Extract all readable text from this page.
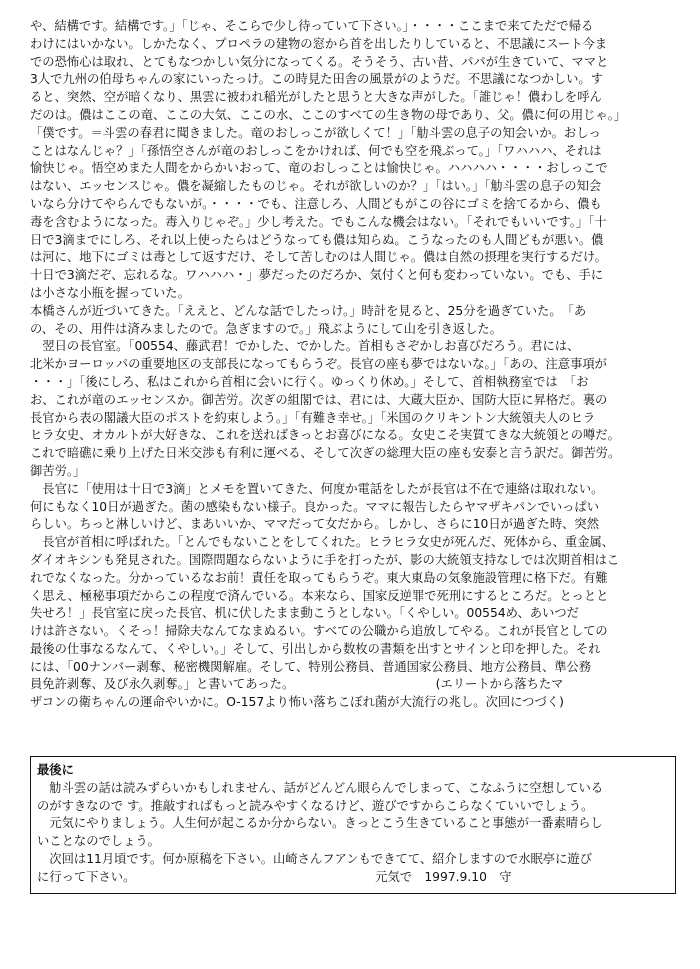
や、結構です。結構です。」「じゃ、そこらで少し待っていて下さい。」・・・・ここまで来てただで帰る
わけにはいかない。しかたなく、プロペラの建物の窓から首を出したりしていると、不思議にスート今ま
での恐怖心は取れ、とてもなつかしい気分になってくる。そうそう、古い昔、パパが生きていて、ママと
3人で九州の伯母ちゃんの家にいったっけ。この時見た田舎の風景がのようだ。不思議になつかしい。す
ると、突然、空が暗くなり、黒雲に被われ稲光がしたと思うと大きな声がした。「誰じゃ！儂わしを呼ん
だのは。儂はここの竜、ここの大気、ここの水、ここのすべての生き物の母であり、父。儂に何の用じゃ。」
「僕です。＝斗雲の春君に聞きました。竜のおしっこが欲しくて！」「觔斗雲の息子の知会いか。おしっ
ことはなんじゃ？」「孫悟空さんが竜のおしっこをかければ、何でも空を飛ぶって。」「ワハハハ、それは
愉快じゃ。悟空めまた人間をからかいおって、竜のおしっことは愉快じゃ。ハハハハ・・・・おしっこで
はない、エッセンスじゃ。儂を凝縮したものじゃ。それが欲しいのか？」「はい。」「觔斗雲の息子の知会
いなら分けてやらんでもないが。・・・・でも、注意しろ、人間どもがこの谷にゴミを捨てるから、儂も
毒を含むようになった。毒入りじゃぞ。」少し考えた。でもこんな機会はない。「それでもいいです。」「十
日で3滴までにしろ、それ以上使ったらはどうなっても儂は知らぬ。こうなったのも人間どもが悪い。儂
は河に、地下にゴミは毒として返すだけ、そして苦しむのは人間じゃ。儂は自然の摂理を実行するだけ。
十日で3滴だぞ、忘れるな。ワハハハ・」夢だったのだろか、気付くと何も変わっていない。でも、手に
は小さな小瓶を握っていた。
本橋さんが近づいてきた。「ええと、どんな話でしたっけ。」時計を見ると、25分を過ぎていた。　「あ
の、その、用件は済みましたので。急ぎますので。」飛ぶようにして山を引き返した。
　翌日の長官室。「00554、藤武君！でかした、でかした。首相もさぞかしお喜びだろう。君には、
北米かヨーロッパの重要地区の支部長になってもらうぞ。長官の座も夢ではないな。」「あの、注意事項が
・・・」「後にしろ、私はこれから首相に会いに行く。ゆっくり休め。」そして、首相執務室では　「お
お、これが竜のエッセンスか。御苦労。次ぎの組閣では、君には、大蔵大臣か、国防大臣に昇格だ。裏の
長官から表の閣議大臣のポストを約束しよう。」「有難き幸せ。」「米国のクリキントン大統領夫人のヒラ
ヒラ女史、オカルトが大好きな、これを送ればきっとお喜びになる。女史こそ実質てきな大統領との噂だ。
これで暗礁に乗り上げた日米交渉も有利に運べる、そして次ぎの総理大臣の座も安泰と言う訳だ。御苦労。
御苦労。」
　長官に「使用は十日で3滴」とメモを置いてきた、何度か電話をしたが長官は不在で連絡は取れない。
何にもなく10日が過ぎた。菌の感染もない様子。良かった。ママに報告したらヤマザキパンでいっぱい
らしい。ちっと淋しいけど、まあいいか、ママだって女だから。しかし、さらに10日が過ぎた時、突然
　長官が首相に呼ばれた。「とんでもないことをしてくれた。ヒラヒラ女史が死んだ、死体から、重金属、
ダイオキシンも発見された。国際問題ならないように手を打ったが、影の大統領支持なしでは次期首相はこ
れでなくなった。分かっているなお前！責任を取ってもらうぞ。東大東島の気象施設管理に格下だ。有難
く思え、極秘事項だからこの程度で済んでいる。本来なら、国家反逆罪で死刑にするところだ。とっとと
失せろ！」長官室に戻った長官、机に伏したまま動こうとしない。「くやしい。00554め、あいつだ
けは許さない。くそっ！掃除夫なんてなまぬるい。すべての公職から追放してやる。これが長官としての
最後の仕事なるなんて、くやしい。」そして、引出しから数枚の書類を出すとサインと印を押した。それ
には、「00ナンバー剥奪、秘密機関解雇。そして、特別公務員、普通国家公務員、地方公務員、準公務
員免許剥奪、及び永久剥奪。」と書いてあった。　　　　　　　　　　　　(エリートから落ちたマ
ザコンの衛ちゃんの運命やいかに。O-157より怖い落ちこぼれ菌が大流行の兆し。次回につづく)
最後に
　觔斗雲の話は読みずらいかもしれません、話がどんどん眼らんでしまって、こなふうに空想している
のがすきなので す。推敲すればもっと読みやすくなるけど、遊びですからこらなくていいでしょう。
　元気にやりましょう。人生何が起こるか分からない。きっとこう生きていること事態が一番素晴らし
いことなのでしょう。
　次回は11月頃です。何か原稿を下さい。山崎さんフアンもできてて、紹介しますので水眠亭に遊び
に行って下さい。　　　　　　　　　　　　　　　　　　　　元気で　1997.9.10　守
